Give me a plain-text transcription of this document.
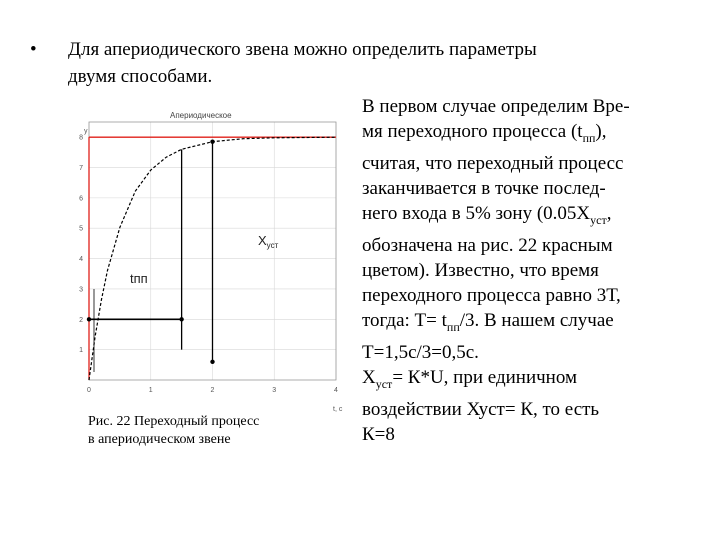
• Для апериодического звена можно определить параметры
двумя способами.
8
7
6
5
4
3
2
1
0	1	2	3	4
Апериодическое
y
t, c
$Х_{уст}$
tпп
Рис. 22 Переходный процесс
в апериодическом звене
В первом случае определим Вре-
мя переходного процесса $(t_{пп})$,
считая, что переходный процесс
заканчивается в точке послед-
него входа в 5% зону ($0.05Х_{уст}$,
обозначена на рис. 22 красным
цветом). Известно, что время
переходного процесса равно 3Т,
тогда: $Т= t_{пп}/3$. В нашем случае
Т=1,5с/3=0,5с.
$Х_{уст}= К*U$, при единичном
воздействии Хуст= К, то есть
К=8
